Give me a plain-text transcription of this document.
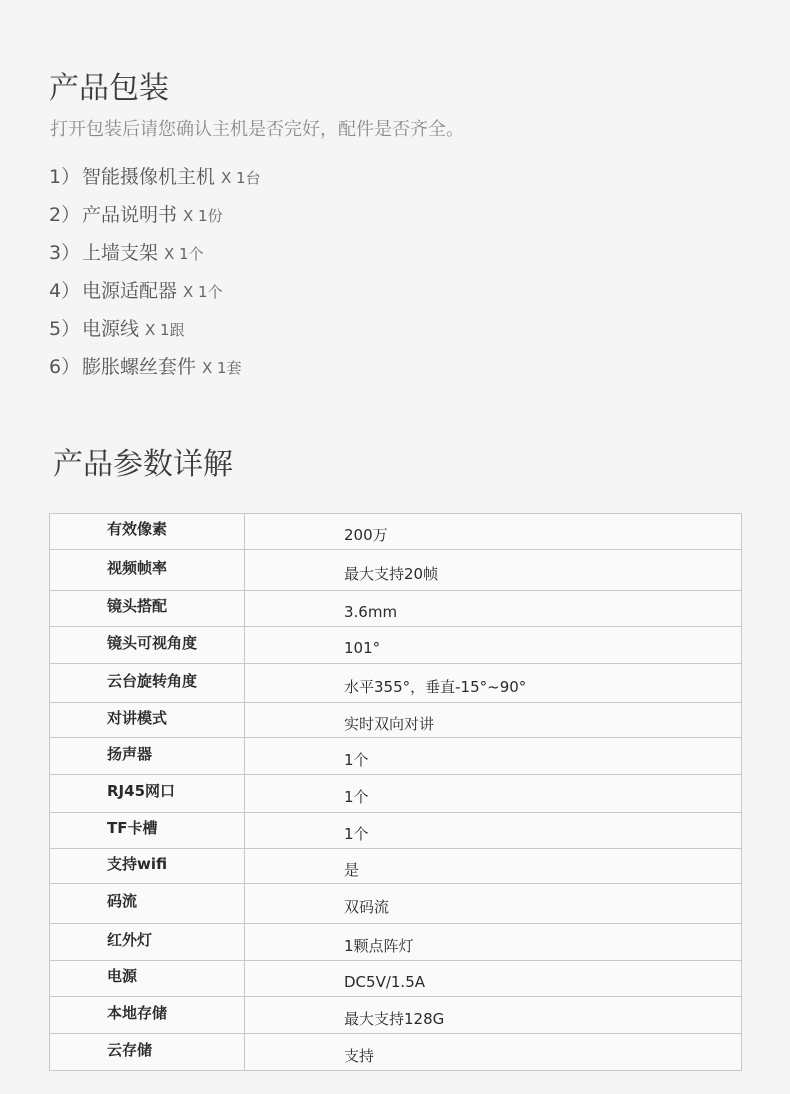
产品包装

打开包装后请您确认主机是否完好，配件是否齐全。

1） 智能摄像机主机 X 1台
2） 产品说明书 X 1份
3） 上墙支架 X 1个
4） 电源适配器 X 1个
5） 电源线 X 1跟
6） 膨胀螺丝套件 X 1套
产品参数详解
有效像素	200万
视频帧率	最大支持20帧
镜头搭配	3.6mm
镜头可视角度	101°
云台旋转角度	水平355°，垂直-15°~90°
对讲模式	实时双向对讲
扬声器	1个
RJ45网口	1个
TF卡槽	1个
支持wifi	是
码流	双码流
红外灯	1颗点阵灯
电源	DC5V/1.5A
本地存储	最大支持128G
云存储	支持
